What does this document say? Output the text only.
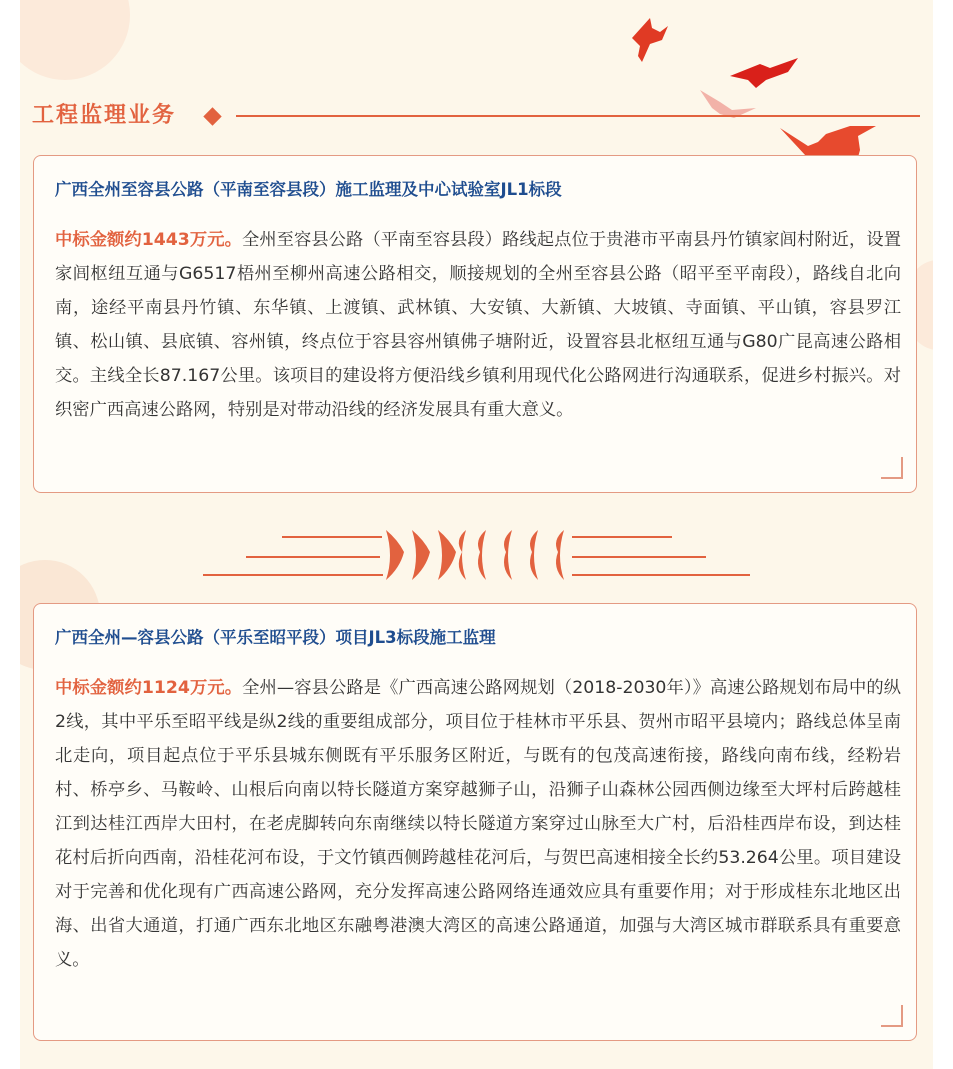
工程监理业务
广西全州至容县公路（平南至容县段）施工监理及中心试验室JL1标段

中标金额约1443万元。全州至容县公路（平南至容县段）路线起点位于贵港市平南县丹竹镇家闾村附近，设置家闾枢纽互通与G6517梧州至柳州高速公路相交，顺接规划的全州至容县公路（昭平至平南段），路线自北向南，途经平南县丹竹镇、东华镇、上渡镇、武林镇、大安镇、大新镇、大坡镇、寺面镇、平山镇，容县罗江镇、松山镇、县底镇、容州镇，终点位于容县容州镇佛子塘附近，设置容县北枢纽互通与G80广昆高速公路相交。主线全长87.167公里。该项目的建设将方便沿线乡镇利用现代化公路网进行沟通联系，促进乡村振兴。对织密广西高速公路网，特别是对带动沿线的经济发展具有重大意义。

广西全州—容县公路（平乐至昭平段）项目JL3标段施工监理

中标金额约1124万元。全州—容县公路是《广西高速公路网规划（2018-2030年）》高速公路规划布局中的纵2线，其中平乐至昭平线是纵2线的重要组成部分，项目位于桂林市平乐县、贺州市昭平县境内；路线总体呈南北走向，项目起点位于平乐县城东侧既有平乐服务区附近，与既有的包茂高速衔接，路线向南布线，经粉岩村、桥亭乡、马鞍岭、山根后向南以特长隧道方案穿越狮子山，沿狮子山森林公园西侧边缘至大坪村后跨越桂江到达桂江西岸大田村，在老虎脚转向东南继续以特长隧道方案穿过山脉至大广村，后沿桂西岸布设，到达桂花村后折向西南，沿桂花河布设，于文竹镇西侧跨越桂花河后，与贺巴高速相接全长约53.264公里。项目建设对于完善和优化现有广西高速公路网，充分发挥高速公路网络连通效应具有重要作用；对于形成桂东北地区出海、出省大通道，打通广西东北地区东融粤港澳大湾区的高速公路通道，加强与大湾区城市群联系具有重要意义。
